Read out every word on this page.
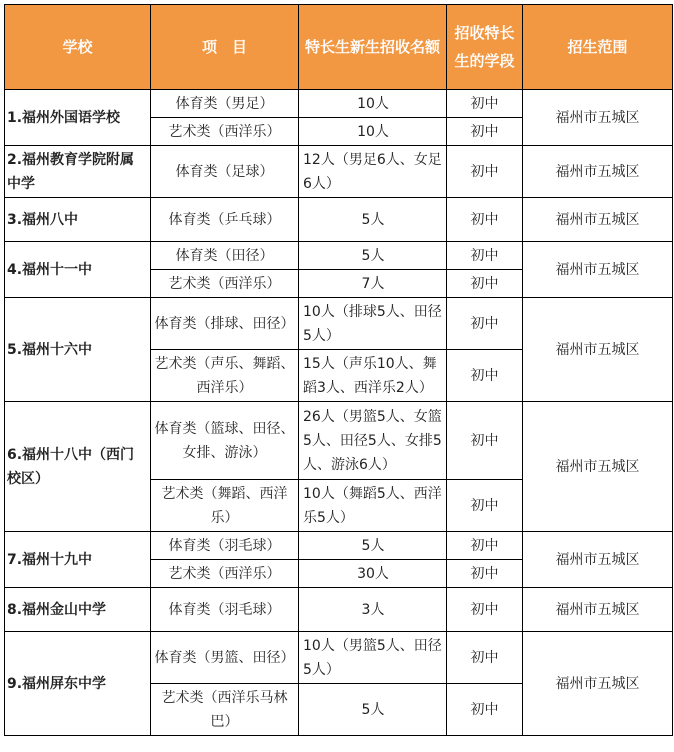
学校	项　目	特长生新生招收名额	招收特长生的学段	招生范围
1.福州外国语学校	体育类（男足）	10人	初中	福州市五城区
	艺术类（西洋乐）	10人	初中	
2.福州教育学院附属中学	体育类（足球）	12人（男足6人、女足6人）	初中	福州市五城区
3.福州八中	体育类（乒乓球）	5人	初中	福州市五城区
4.福州十一中	体育类（田径）	5人	初中	福州市五城区
	艺术类（西洋乐）	7人	初中	
5.福州十六中	体育类（排球、田径）	10人（排球5人、田径5人）	初中	福州市五城区
	艺术类（声乐、舞蹈、西洋乐）	15人（声乐10人、舞蹈3人、西洋乐2人）	初中	
6.福州十八中（西门校区）	体育类（篮球、田径、女排、游泳）	26人（男篮5人、女篮5人、田径5人、女排5人、游泳6人）	初中	福州市五城区
	艺术类（舞蹈、西洋乐）	10人（舞蹈5人、西洋乐5人）	初中	
7.福州十九中	体育类（羽毛球）	5人	初中	福州市五城区
	艺术类（西洋乐）	30人	初中	
8.福州金山中学	体育类（羽毛球）	3人	初中	福州市五城区
9.福州屏东中学	体育类（男篮、田径）	10人（男篮5人、田径5人）	初中	福州市五城区
	艺术类（西洋乐马林巴）	5人	初中	
